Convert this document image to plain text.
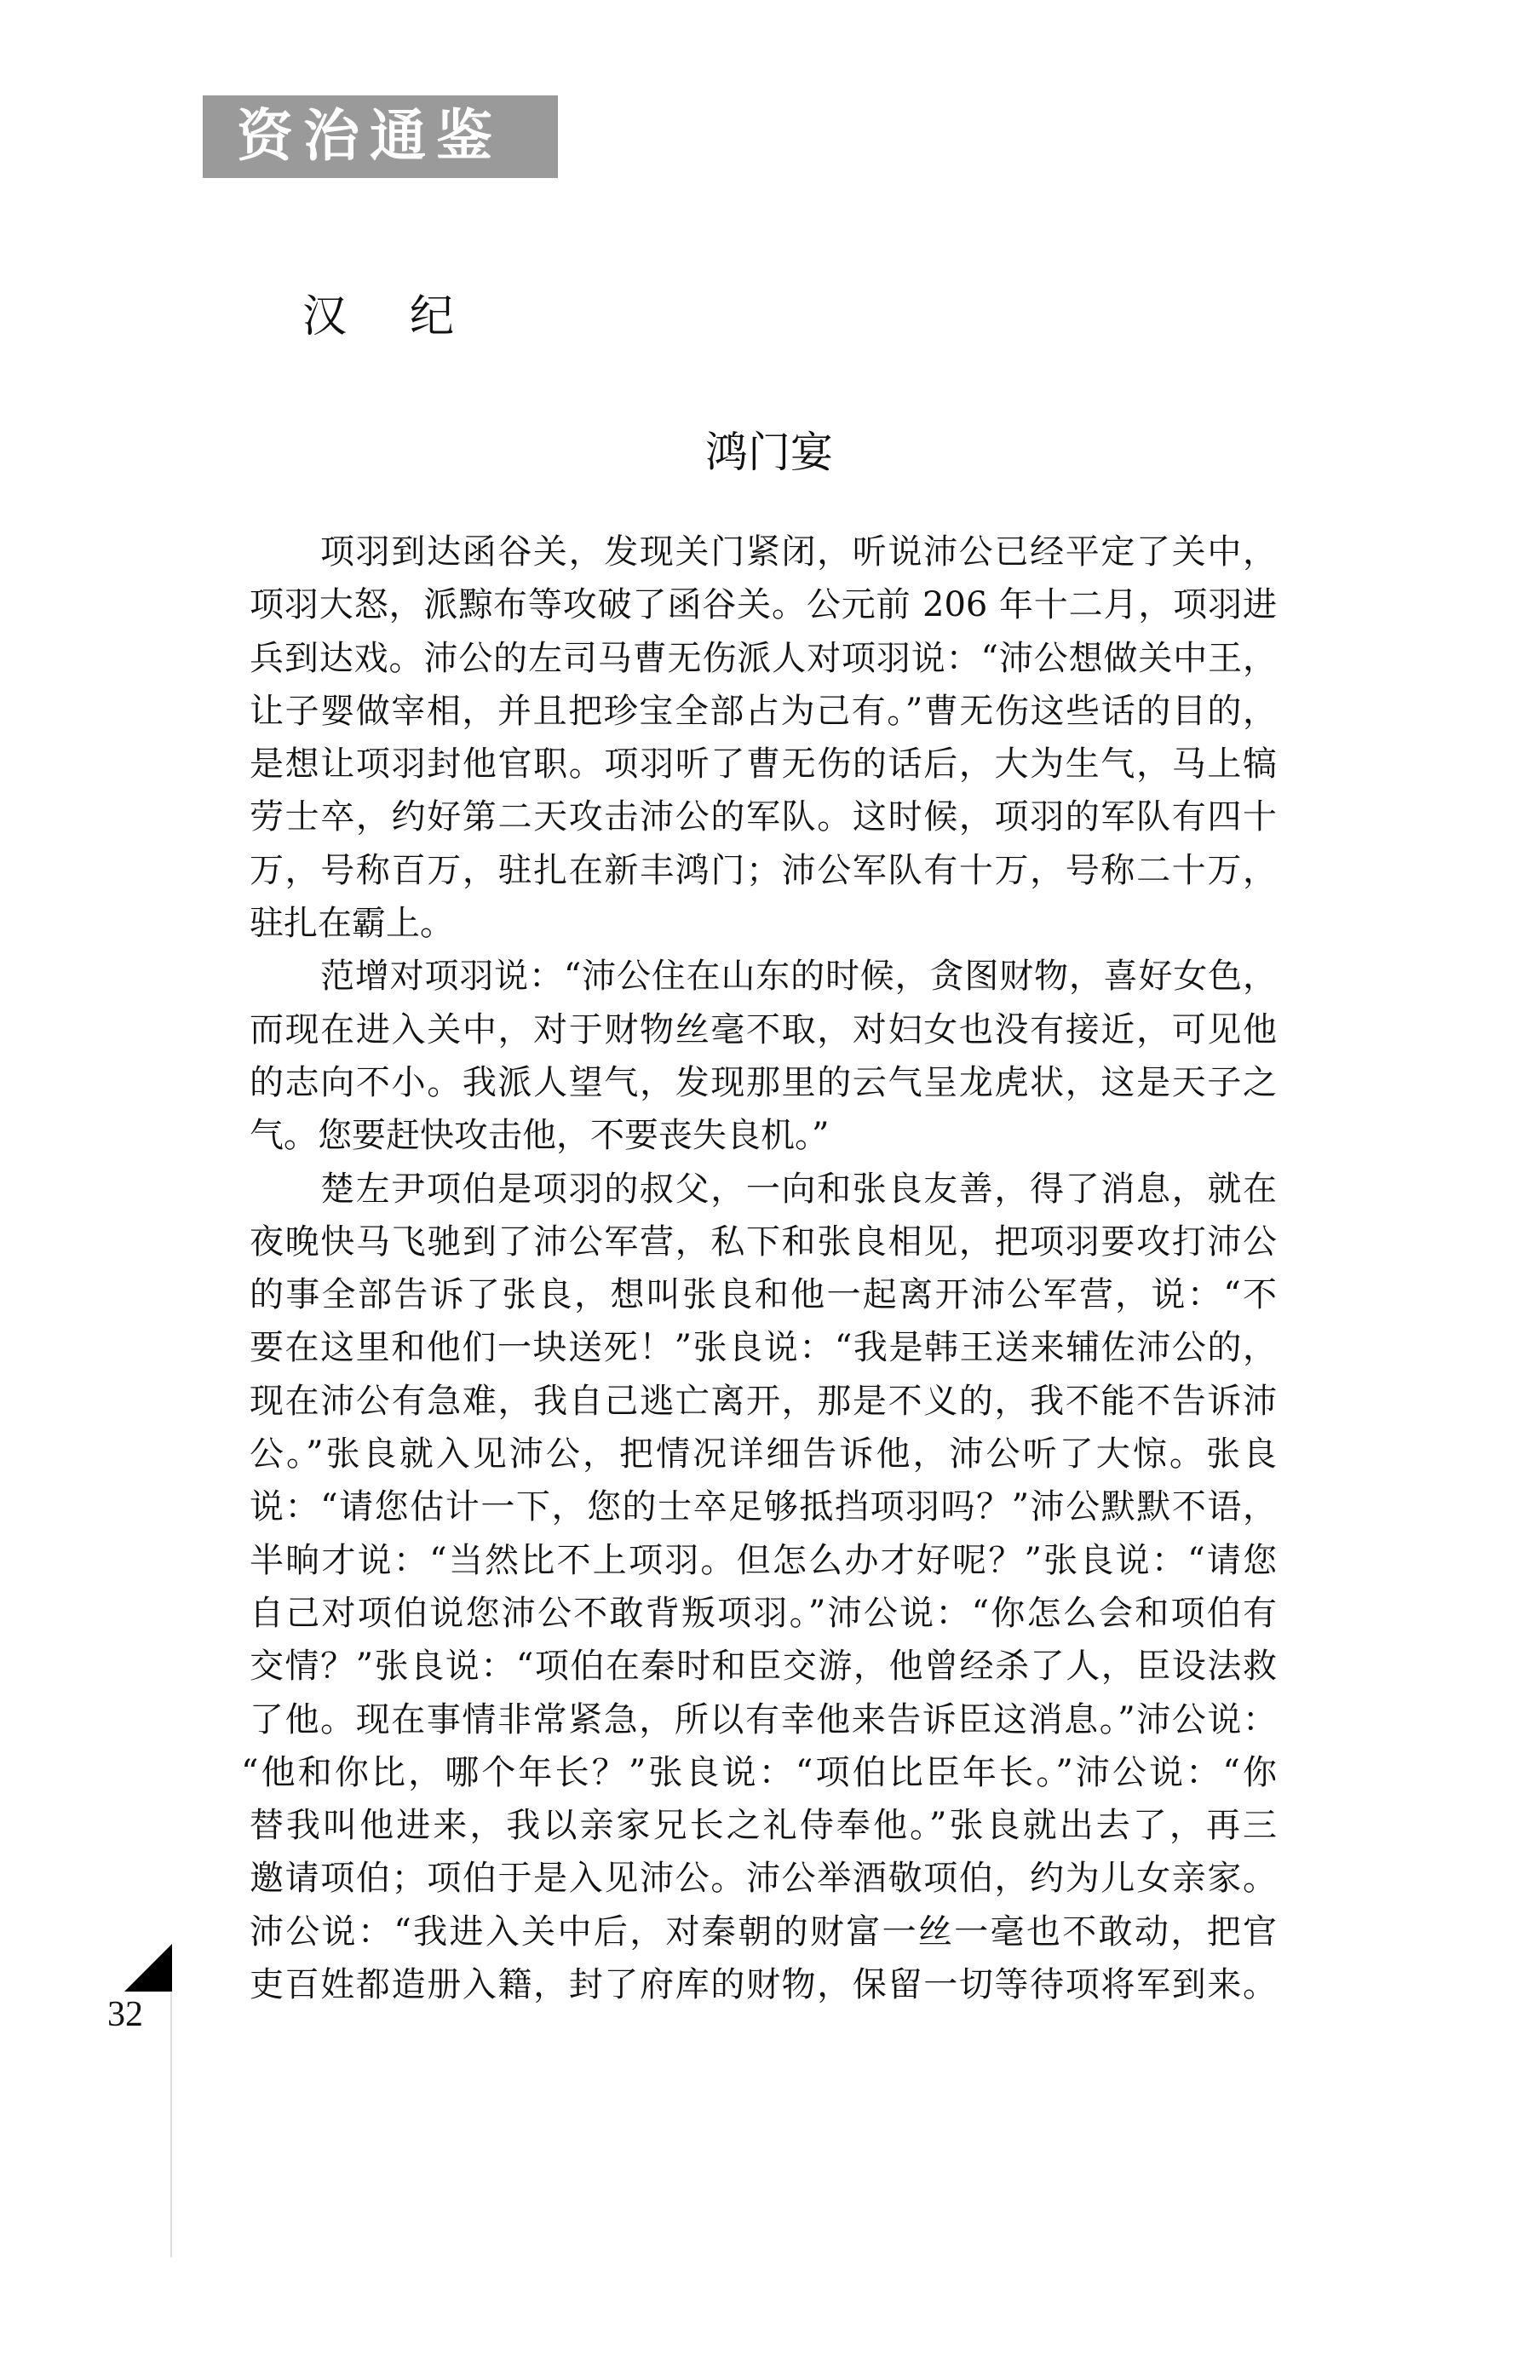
资治通鉴
汉纪
鸿门宴
项羽到达函谷关，发现关门紧闭，听说沛公已经平定了关中，
项羽大怒，派黥布等攻破了函谷关。公元前 206 年十二月，项羽进
兵到达戏。沛公的左司马曹无伤派人对项羽说：“沛公想做关中王，
让子婴做宰相，并且把珍宝全部占为己有。”曹无伤这些话的目的，
是想让项羽封他官职。项羽听了曹无伤的话后，大为生气，马上犒
劳士卒，约好第二天攻击沛公的军队。这时候，项羽的军队有四十
万，号称百万，驻扎在新丰鸿门；沛公军队有十万，号称二十万，
驻扎在霸上。
范增对项羽说：“沛公住在山东的时候，贪图财物，喜好女色，
而现在进入关中，对于财物丝毫不取，对妇女也没有接近，可见他
的志向不小。我派人望气，发现那里的云气呈龙虎状，这是天子之
气。您要赶快攻击他，不要丧失良机。”
楚左尹项伯是项羽的叔父，一向和张良友善，得了消息，就在
夜晚快马飞驰到了沛公军营，私下和张良相见，把项羽要攻打沛公
的事全部告诉了张良，想叫张良和他一起离开沛公军营，说：“不
要在这里和他们一块送死！”张良说：“我是韩王送来辅佐沛公的，
现在沛公有急难，我自己逃亡离开，那是不义的，我不能不告诉沛
公。”张良就入见沛公，把情况详细告诉他，沛公听了大惊。张良
说：“请您估计一下，您的士卒足够抵挡项羽吗？”沛公默默不语，
半晌才说：“当然比不上项羽。但怎么办才好呢？”张良说：“请您
自己对项伯说您沛公不敢背叛项羽。”沛公说：“你怎么会和项伯有
交情？”张良说：“项伯在秦时和臣交游，他曾经杀了人，臣设法救
了他。现在事情非常紧急，所以有幸他来告诉臣这消息。”沛公说：
“他和你比，哪个年长？”张良说：“项伯比臣年长。”沛公说：“你
替我叫他进来，我以亲家兄长之礼侍奉他。”张良就出去了，再三
邀请项伯；项伯于是入见沛公。沛公举酒敬项伯，约为儿女亲家。
沛公说：“我进入关中后，对秦朝的财富一丝一毫也不敢动，把官
吏百姓都造册入籍，封了府库的财物，保留一切等待项将军到来。
32
